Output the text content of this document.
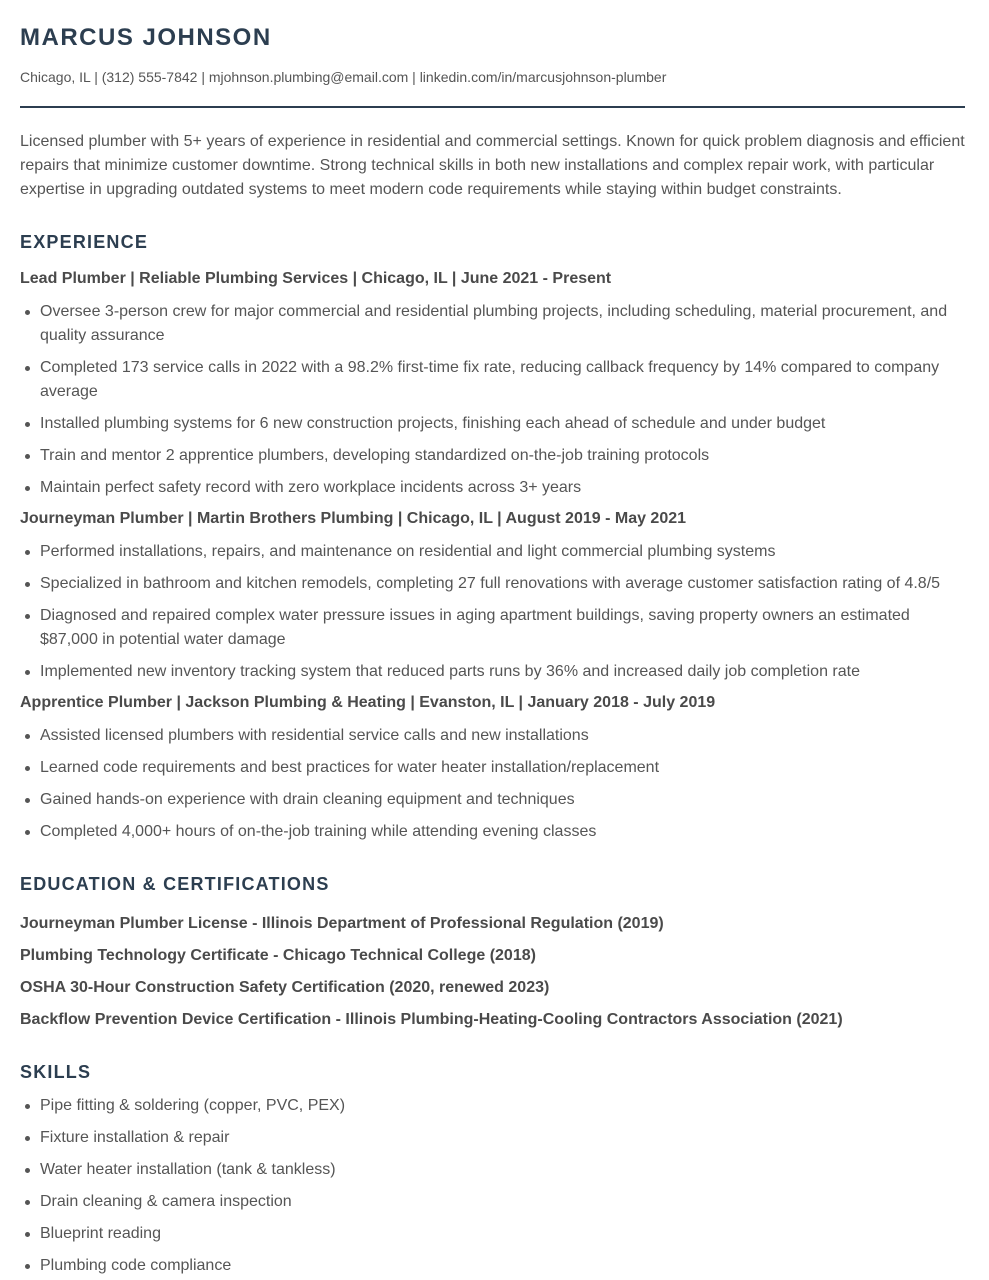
MARCUS JOHNSON
Chicago, IL | (312) 555-7842 | mjohnson.plumbing@email.com | linkedin.com/in/marcusjohnson-plumber
Licensed plumber with 5+ years of experience in residential and commercial settings. Known for quick problem diagnosis and efficient repairs that minimize customer downtime. Strong technical skills in both new installations and complex repair work, with particular expertise in upgrading outdated systems to meet modern code requirements while staying within budget constraints.
EXPERIENCE
Lead Plumber | Reliable Plumbing Services | Chicago, IL | June 2021 - Present
Oversee 3-person crew for major commercial and residential plumbing projects, including scheduling, material procurement, and quality assurance
Completed 173 service calls in 2022 with a 98.2% first-time fix rate, reducing callback frequency by 14% compared to company average
Installed plumbing systems for 6 new construction projects, finishing each ahead of schedule and under budget
Train and mentor 2 apprentice plumbers, developing standardized on-the-job training protocols
Maintain perfect safety record with zero workplace incidents across 3+ years
Journeyman Plumber | Martin Brothers Plumbing | Chicago, IL | August 2019 - May 2021
Performed installations, repairs, and maintenance on residential and light commercial plumbing systems
Specialized in bathroom and kitchen remodels, completing 27 full renovations with average customer satisfaction rating of 4.8/5
Diagnosed and repaired complex water pressure issues in aging apartment buildings, saving property owners an estimated $87,000 in potential water damage
Implemented new inventory tracking system that reduced parts runs by 36% and increased daily job completion rate
Apprentice Plumber | Jackson Plumbing & Heating | Evanston, IL | January 2018 - July 2019
Assisted licensed plumbers with residential service calls and new installations
Learned code requirements and best practices for water heater installation/replacement
Gained hands-on experience with drain cleaning equipment and techniques
Completed 4,000+ hours of on-the-job training while attending evening classes
EDUCATION & CERTIFICATIONS
Journeyman Plumber License - Illinois Department of Professional Regulation (2019)
Plumbing Technology Certificate - Chicago Technical College (2018)
OSHA 30-Hour Construction Safety Certification (2020, renewed 2023)
Backflow Prevention Device Certification - Illinois Plumbing-Heating-Cooling Contractors Association (2021)
SKILLS
Pipe fitting & soldering (copper, PVC, PEX)
Fixture installation & repair
Water heater installation (tank & tankless)
Drain cleaning & camera inspection
Blueprint reading
Plumbing code compliance
